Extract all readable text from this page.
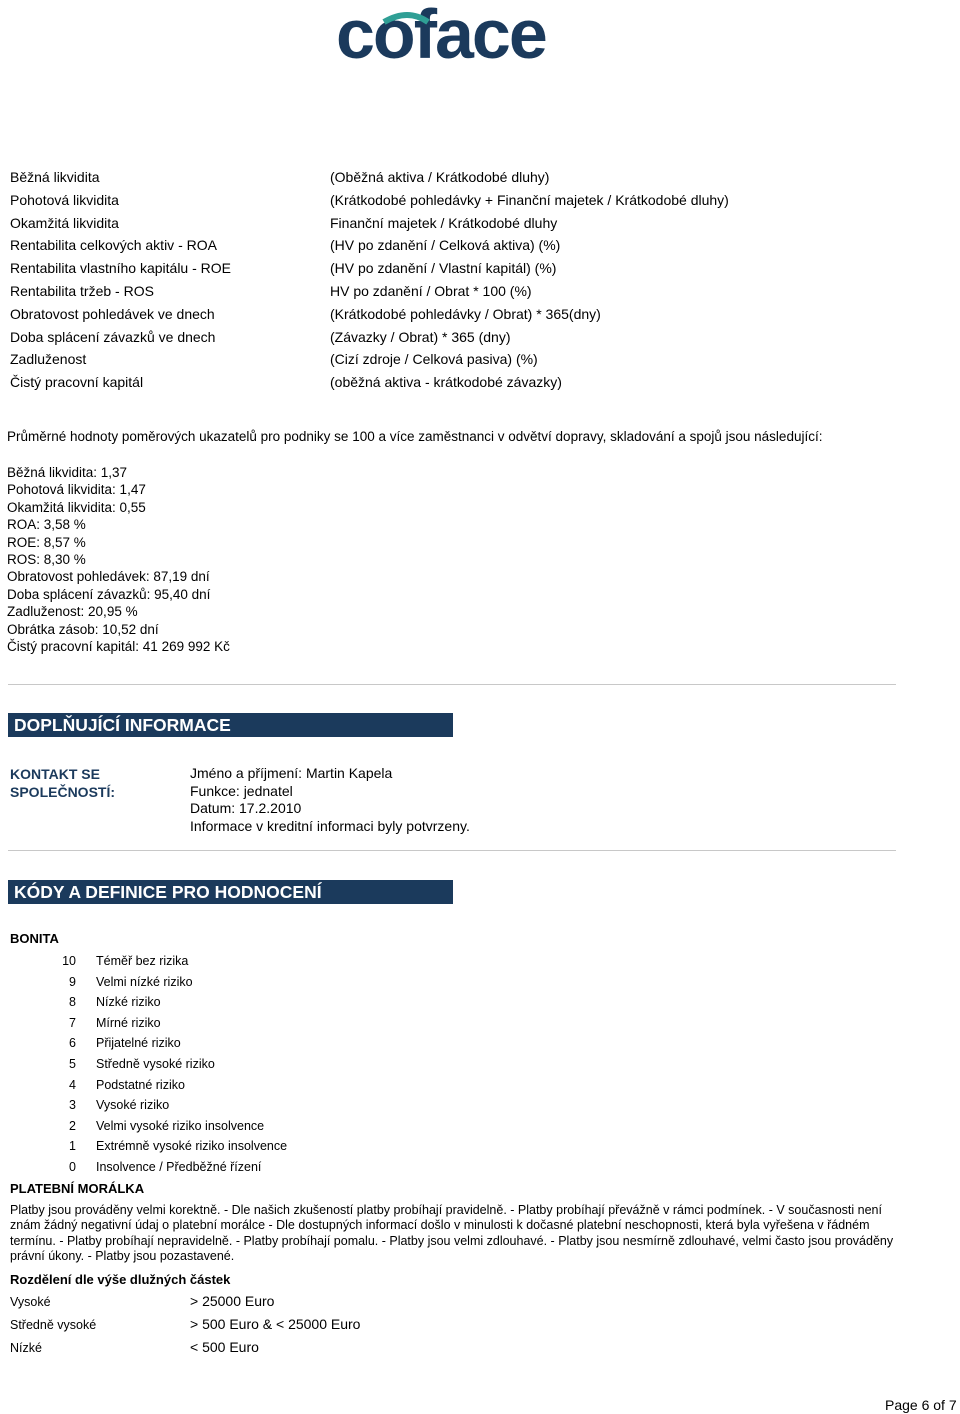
coface
Běžná likvidita	(Oběžná aktiva / Krátkodobé dluhy)
Pohotová likvidita	(Krátkodobé pohledávky + Finanční majetek / Krátkodobé dluhy)
Okamžitá likvidita	Finanční majetek / Krátkodobé dluhy
Rentabilita celkových aktiv - ROA	(HV po zdanění / Celková aktiva) (%)
Rentabilita vlastního kapitálu - ROE	(HV po zdanění / Vlastní kapitál) (%)
Rentabilita tržeb - ROS	HV po zdanění / Obrat * 100 (%)
Obratovost pohledávek ve dnech	(Krátkodobé pohledávky / Obrat) * 365(dny)
Doba splácení závazků ve dnech	(Závazky / Obrat) * 365 (dny)
Zadluženost	(Cizí zdroje / Celková pasiva) (%)
Čistý pracovní kapitál	(oběžná aktiva - krátkodobé závazky)
Průměrné hodnoty poměrových ukazatelů pro podniky se 100 a více zaměstnanci v odvětví dopravy, skladování a spojů jsou následující:
Běžná likvidita: 1,37
Pohotová likvidita: 1,47
Okamžitá likvidita: 0,55
ROA: 3,58 %
ROE: 8,57 %
ROS: 8,30 %
Obratovost pohledávek: 87,19 dní
Doba splácení závazků: 95,40 dní
Zadluženost: 20,95 %
Obrátka zásob: 10,52 dní
Čistý pracovní kapitál: 41 269 992 Kč
DOPLŇUJÍCÍ INFORMACE
KONTAKT SE
SPOLEČNOSTÍ:
Jméno a příjmení: Martin Kapela
Funkce: jednatel
Datum: 17.2.2010
Informace v kreditní informaci byly potvrzeny.
KÓDY A DEFINICE PRO HODNOCENÍ
BONITA
10 Téměř bez rizika
9 Velmi nízké riziko
8 Nízké riziko
7 Mírné riziko
6 Přijatelné riziko
5 Středně vysoké riziko
4 Podstatné riziko
3 Vysoké riziko
2 Velmi vysoké riziko insolvence
1 Extrémně vysoké riziko insolvence
0 Insolvence / Předběžné řízení
PLATEBNÍ MORÁLKA
Platby jsou prováděny velmi korektně. - Dle našich zkušeností platby probíhají pravidelně. - Platby probíhají převážně v rámci podmínek. - V současnosti není znám žádný negativní údaj o platební morálce - Dle dostupných informací došlo v minulosti k dočasné platební neschopnosti, která byla vyřešena v řádném termínu. - Platby probíhají nepravidelně. - Platby probíhají pomalu. - Platby jsou velmi zdlouhavé. - Platby jsou nesmírně zdlouhavé, velmi často jsou prováděny právní úkony. - Platby jsou pozastavené.
Rozdělení dle výše dlužných částek
Vysoké	> 25000 Euro
Středně vysoké	> 500 Euro & < 25000 Euro
Nízké	< 500 Euro
Page 6 of 7
